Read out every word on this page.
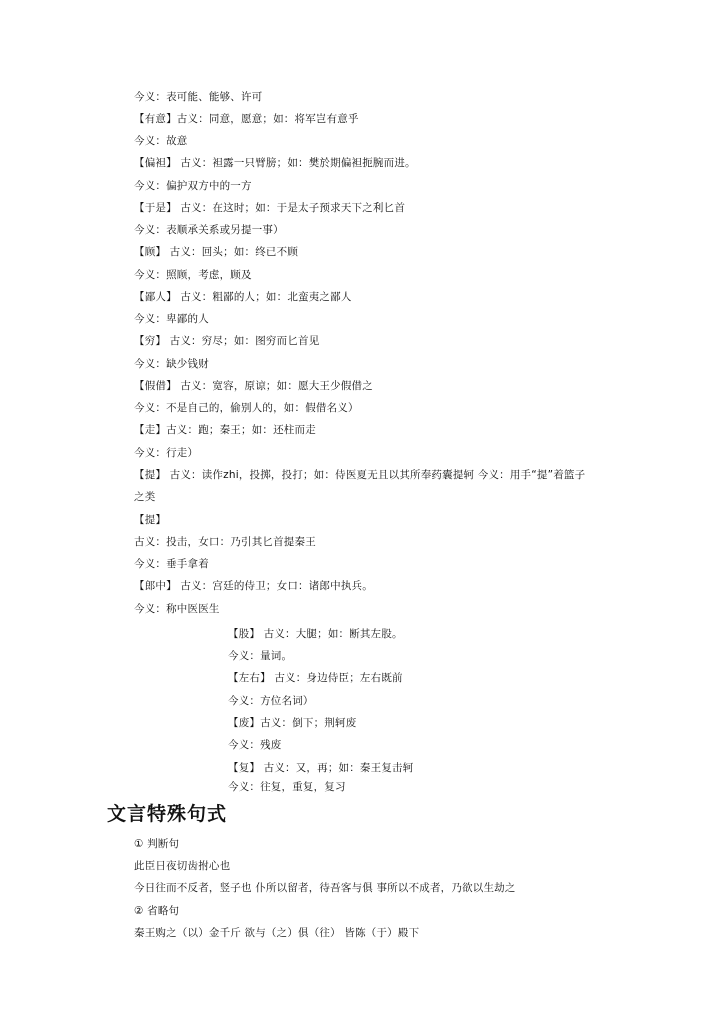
今义：表可能、能够、许可
【有意】古义：同意，愿意；如：将军岂有意乎
今义：故意
【偏袒】 古义：袒露一只臂膀；如：樊於期偏袒扼腕而进。
今义：偏护双方中的一方
【于是】 古义：在这时；如：于是太子预求天下之利匕首
今义：表顺承关系或另提一事）
【顾】 古义：回头；如：终已不顾
今义：照顾，考虑，顾及
【鄙人】 古义：粗鄙的人；如：北蛮夷之鄙人
今义：卑鄙的人
【穷】 古义：穷尽；如：图穷而匕首见
今义：缺少钱财
【假借】 古义：宽容，原谅；如：愿大王少假借之
今义：不是自己的，偷别人的，如：假借名义）
【走】古义：跑；秦王；如：还柱而走
今义：行走）
【提】 古义：读作zhi，投掷，投打；如：侍医夏无且以其所奉药囊提轲 今义：用手“提”着篮子
之类
【提】
古义：投击，女口：乃引其匕首提秦王
今义：垂手拿着
【郎中】 古义：宫廷的侍卫；女口：诸郎中执兵。
今义：称中医医生
【股】 古义：大腿；如：断其左股。
今义：量词。
【左右】 古义：身边侍臣；左右既前
今义：方位名词）
【废】古义：倒下；荆轲废
今义：残废
【复】 古义：又，再；如：秦王复击轲
今义：往复，重复，复习
文言特殊句式
① 判断句
此臣日夜切齿拊心也
今日往而不反者，竖子也 仆所以留者，待吾客与俱 事所以不成者，乃欲以生劫之
② 省略句
秦王购之（以）金千斤 欲与（之）俱（往） 皆陈（于）殿下
